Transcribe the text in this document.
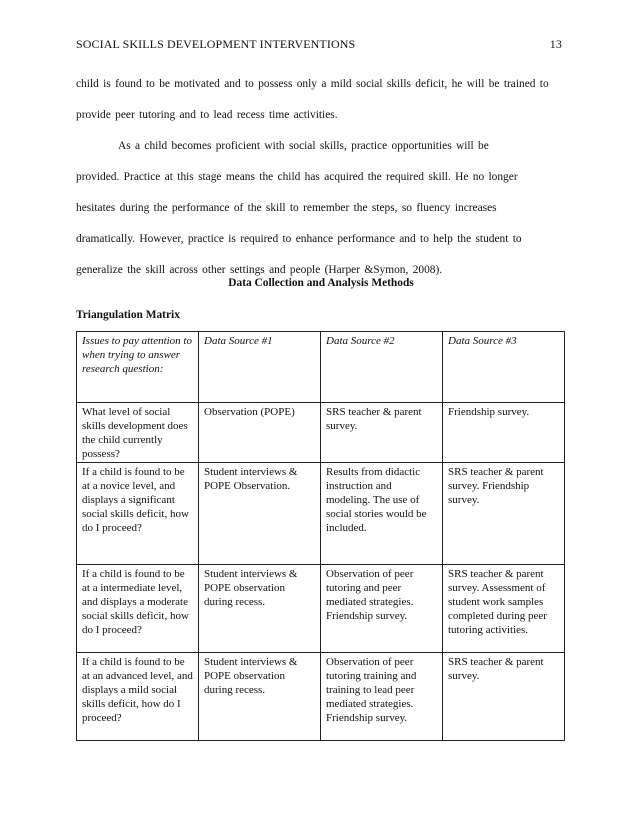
SOCIAL SKILLS DEVELOPMENT INTERVENTIONS	13
child is found to be motivated and to possess only a mild social skills deficit, he will be trained to
provide peer tutoring and to lead recess time activities.
As a child becomes proficient with social skills, practice opportunities will be
provided. Practice at this stage means the child has acquired the required skill. He no longer
hesitates during the performance of the skill to remember the steps, so fluency increases
dramatically. However, practice is required to enhance performance and to help the student to
generalize the skill across other settings and people (Harper &Symon, 2008).
Data Collection and Analysis Methods
Triangulation Matrix
Issues to pay attention to when trying to answer research question:	Data Source #1	Data Source #2	Data Source #3
What level of social skills development does the child currently possess?	Observation (POPE)	SRS teacher & parent survey.	Friendship survey.
If a child is found to be at a novice level, and displays a significant social skills deficit, how do I proceed?	Student interviews & POPE Observation.	Results from didactic instruction and modeling. The use of social stories would be included.	SRS teacher & parent survey. Friendship survey.
If a child is found to be at a intermediate level, and displays a moderate social skills deficit, how do I proceed?	Student interviews & POPE observation during recess.	Observation of peer tutoring and peer mediated strategies. Friendship survey.	SRS teacher & parent survey. Assessment of student work samples completed during peer tutoring activities.
If a child is found to be at an advanced level, and displays a mild social skills deficit, how do I proceed?	Student interviews & POPE observation during recess.	Observation of peer tutoring training and training to lead peer mediated strategies. Friendship survey.	SRS teacher & parent survey.
